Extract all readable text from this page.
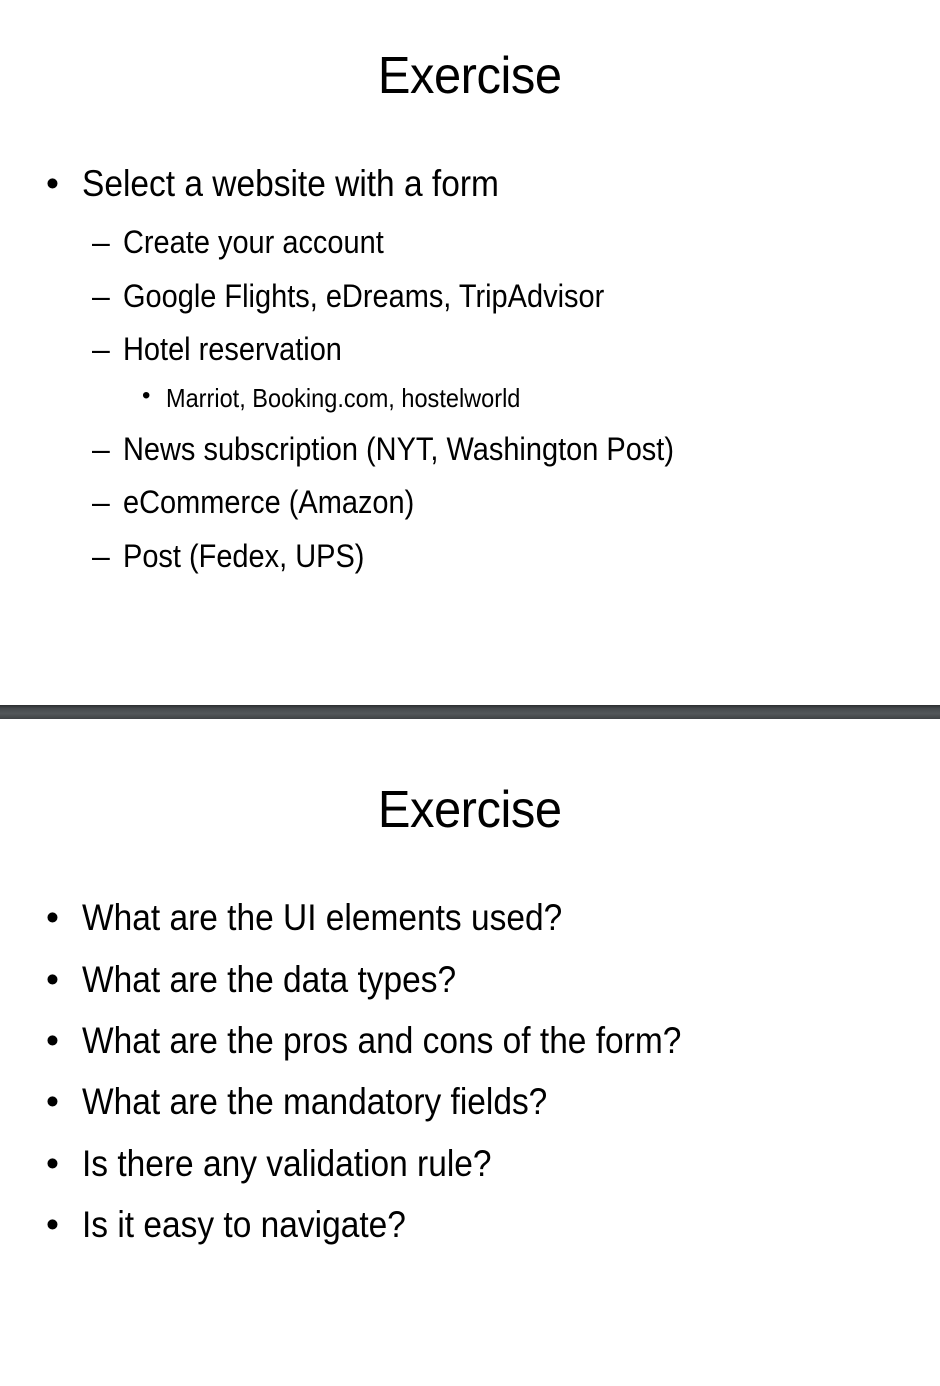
Exercise
• Select a website with a form
– Create your account
– Google Flights, eDreams, TripAdvisor
– Hotel reservation
• Marriot, Booking.com, hostelworld
– News subscription (NYT, Washington Post)
– eCommerce (Amazon)
– Post (Fedex, UPS)
Exercise
• What are the UI elements used?
• What are the data types?
• What are the pros and cons of the form?
• What are the mandatory fields?
• Is there any validation rule?
• Is it easy to navigate?
